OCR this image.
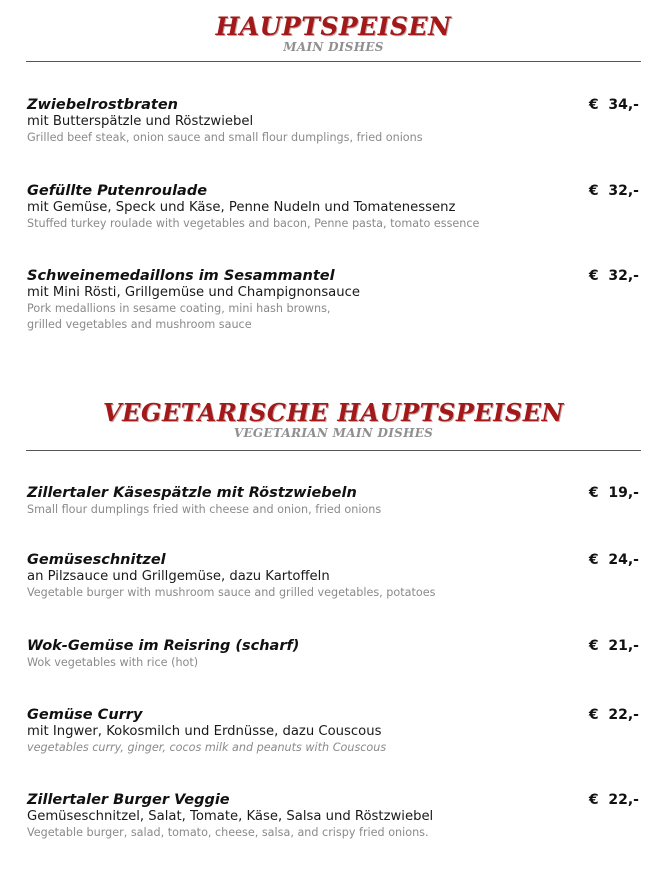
HAUPTSPEISEN
MAIN DISHES
Zwiebelrostbraten	€  34,-
mit Butterspätzle und Röstzwiebel
Grilled beef steak, onion sauce and small flour dumplings, fried onions
Gefüllte Putenroulade	€  32,-
mit Gemüse, Speck und Käse, Penne Nudeln und Tomatenessenz
Stuffed turkey roulade with vegetables and bacon, Penne pasta, tomato essence
Schweinemedaillons im Sesammantel	€  32,-
mit Mini Rösti, Grillgemüse und Champignonsauce
Pork medallions in sesame coating, mini hash browns,
grilled vegetables and mushroom sauce
VEGETARISCHE HAUPTSPEISEN
VEGETARIAN MAIN DISHES
Zillertaler Käsespätzle mit Röstzwiebeln	€  19,-
Small flour dumplings fried with cheese and onion, fried onions
Gemüseschnitzel	€  24,-
an Pilzsauce und Grillgemüse, dazu Kartoffeln
Vegetable burger with mushroom sauce and grilled vegetables, potatoes
Wok-Gemüse im Reisring (scharf)	€  21,-
Wok vegetables with rice (hot)
Gemüse Curry	€  22,-
mit Ingwer, Kokosmilch und Erdnüsse, dazu Couscous
vegetables curry, ginger, cocos milk and peanuts with Couscous
Zillertaler Burger Veggie	€  22,-
Gemüseschnitzel, Salat, Tomate, Käse, Salsa und Röstzwiebel
Vegetable burger, salad, tomato, cheese, salsa, and crispy fried onions.
